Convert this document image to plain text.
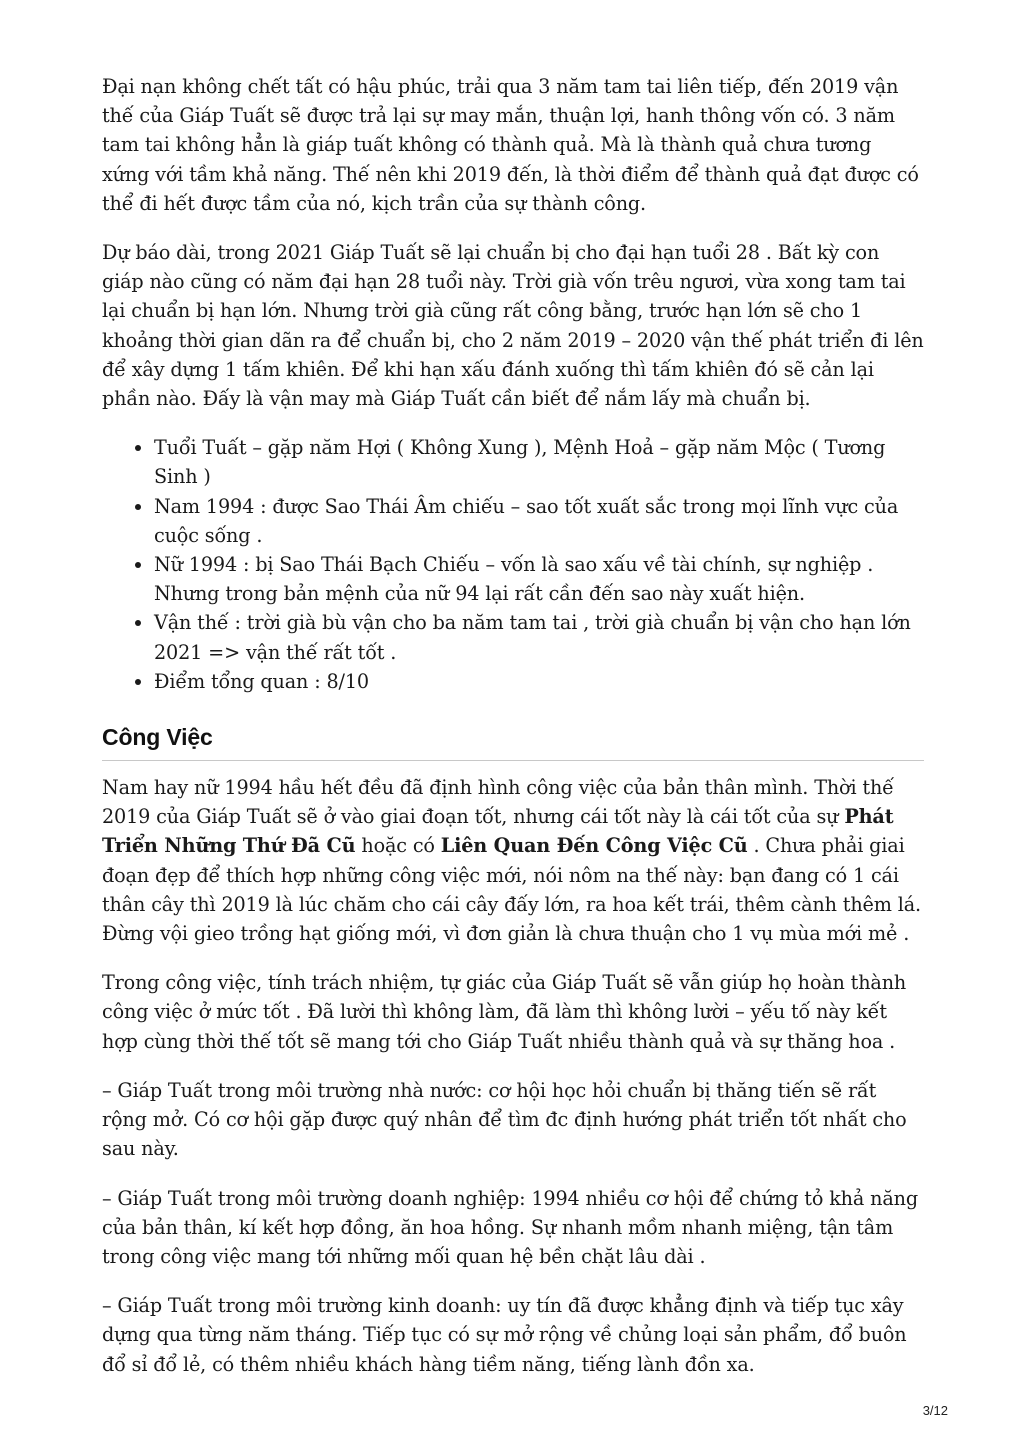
Đại nạn không chết tất có hậu phúc, trải qua 3 năm tam tai liên tiếp, đến 2019 vận thế của Giáp Tuất sẽ được trả lại sự may mắn, thuận lợi, hanh thông vốn có. 3 năm tam tai không hẳn là giáp tuất không có thành quả. Mà là thành quả chưa tương xứng với tầm khả năng. Thế nên khi 2019 đến, là thời điểm để thành quả đạt được có thể đi hết được tầm của nó, kịch trần của sự thành công.

Dự báo dài, trong 2021 Giáp Tuất sẽ lại chuẩn bị cho đại hạn tuổi 28 . Bất kỳ con giáp nào cũng có năm đại hạn 28 tuổi này. Trời già vốn trêu ngươi, vừa xong tam tai lại chuẩn bị hạn lớn. Nhưng trời già cũng rất công bằng, trước hạn lớn sẽ cho 1 khoảng thời gian dãn ra để chuẩn bị, cho 2 năm 2019 – 2020 vận thế phát triển đi lên để xây dựng 1 tấm khiên. Để khi hạn xấu đánh xuống thì tấm khiên đó sẽ cản lại phần nào. Đấy là vận may mà Giáp Tuất cần biết để nắm lấy mà chuẩn bị.

• Tuổi Tuất – gặp năm Hợi ( Không Xung ), Mệnh Hoả – gặp năm Mộc ( Tương Sinh )
• Nam 1994 : được Sao Thái Âm chiếu – sao tốt xuất sắc trong mọi lĩnh vực của cuộc sống .
• Nữ 1994 : bị Sao Thái Bạch Chiếu – vốn là sao xấu về tài chính, sự nghiệp . Nhưng trong bản mệnh của nữ 94 lại rất cần đến sao này xuất hiện.
• Vận thế : trời già bù vận cho ba năm tam tai , trời già chuẩn bị vận cho hạn lớn 2021 => vận thế rất tốt .
• Điểm tổng quan : 8/10
Công Việc

Nam hay nữ 1994 hầu hết đều đã định hình công việc của bản thân mình. Thời thế 2019 của Giáp Tuất sẽ ở vào giai đoạn tốt, nhưng cái tốt này là cái tốt của sự Phát Triển Những Thứ Đã Cũ hoặc có Liên Quan Đến Công Việc Cũ . Chưa phải giai đoạn đẹp để thích hợp những công việc mới, nói nôm na thế này: bạn đang có 1 cái thân cây thì 2019 là lúc chăm cho cái cây đấy lớn, ra hoa kết trái, thêm cành thêm lá. Đừng vội gieo trồng hạt giống mới, vì đơn giản là chưa thuận cho 1 vụ mùa mới mẻ .

Trong công việc, tính trách nhiệm, tự giác của Giáp Tuất sẽ vẫn giúp họ hoàn thành công việc ở mức tốt . Đã lười thì không làm, đã làm thì không lười – yếu tố này kết hợp cùng thời thế tốt sẽ mang tới cho Giáp Tuất nhiều thành quả và sự thăng hoa .

– Giáp Tuất trong môi trường nhà nước: cơ hội học hỏi chuẩn bị thăng tiến sẽ rất rộng mở. Có cơ hội gặp được quý nhân để tìm đc định hướng phát triển tốt nhất cho sau này.

– Giáp Tuất trong môi trường doanh nghiệp: 1994 nhiều cơ hội để chứng tỏ khả năng của bản thân, kí kết hợp đồng, ăn hoa hồng. Sự nhanh mồm nhanh miệng, tận tâm trong công việc mang tới những mối quan hệ bền chặt lâu dài .

– Giáp Tuất trong môi trường kinh doanh: uy tín đã được khẳng định và tiếp tục xây dựng qua từng năm tháng. Tiếp tục có sự mở rộng về chủng loại sản phẩm, đổ buôn đổ sỉ đổ lẻ, có thêm nhiều khách hàng tiềm năng, tiếng lành đồn xa.

3/12
